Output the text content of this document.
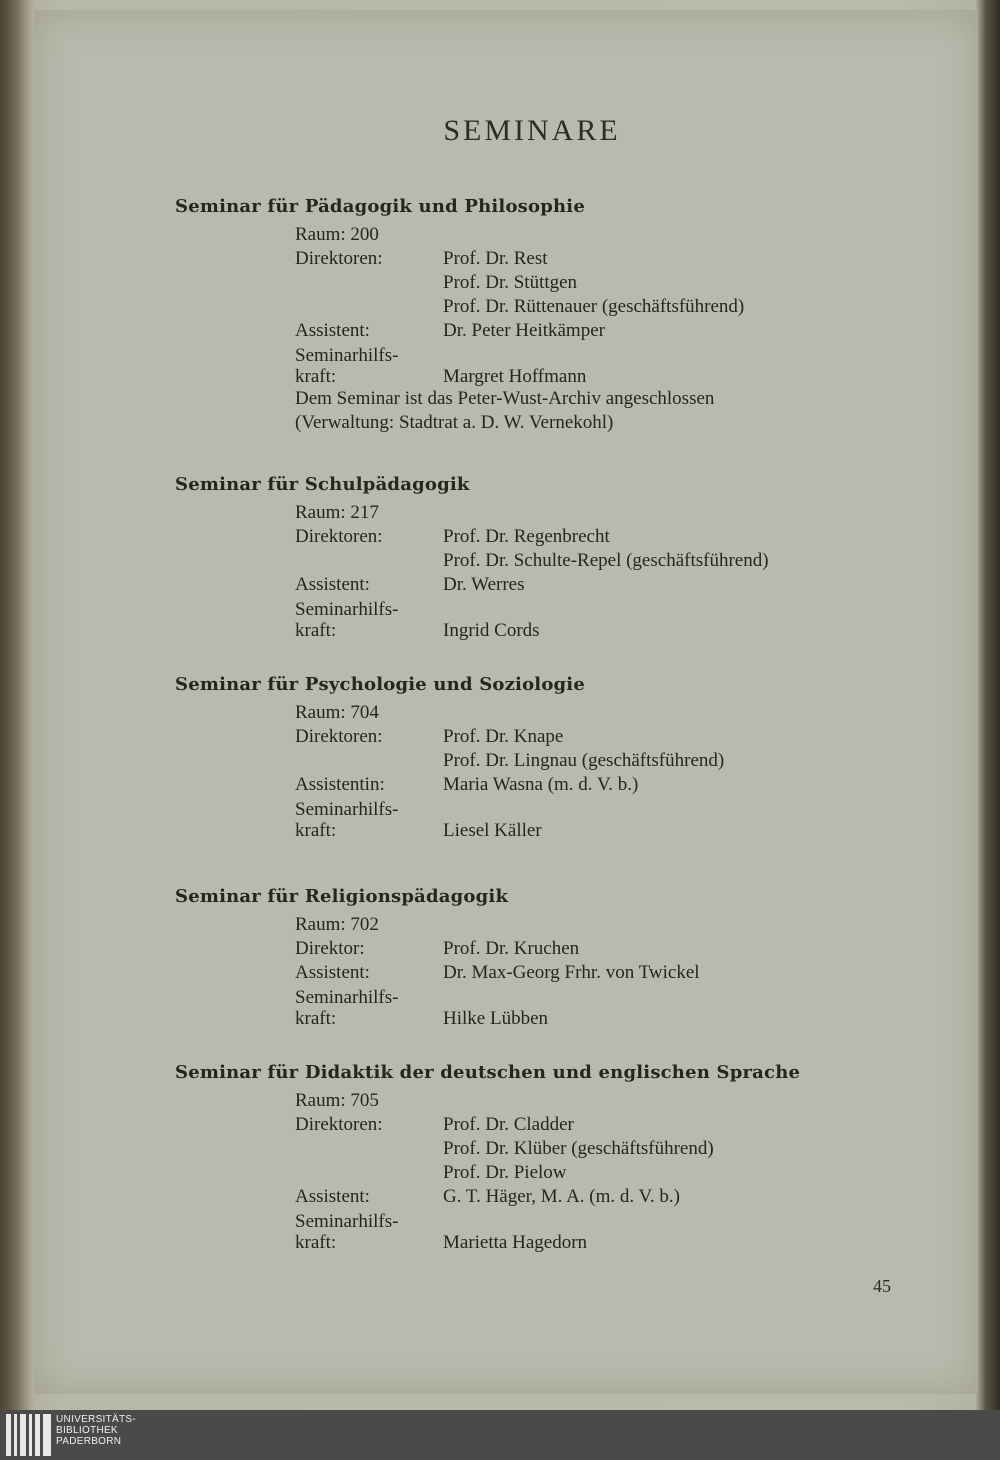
SEMINARE
Seminar für Pädagogik und Philosophie
Raum: 200
Direktoren:	Prof. Dr. Rest
Prof. Dr. Stüttgen
Prof. Dr. Rüttenauer (geschäftsführend)
Assistent:	Dr. Peter Heitkämper
Seminarhilfs-
kraft:	Margret Hoffmann
Dem Seminar ist das Peter-Wust-Archiv angeschlossen
(Verwaltung: Stadtrat a. D. W. Vernekohl)
Seminar für Schulpädagogik
Raum: 217
Direktoren:	Prof. Dr. Regenbrecht
Prof. Dr. Schulte-Repel (geschäftsführend)
Assistent:	Dr. Werres
Seminarhilfs-
kraft:	Ingrid Cords
Seminar für Psychologie und Soziologie
Raum: 704
Direktoren:	Prof. Dr. Knape
Prof. Dr. Lingnau (geschäftsführend)
Assistentin:	Maria Wasna (m. d. V. b.)
Seminarhilfs-
kraft:	Liesel Käller
Seminar für Religionspädagogik
Raum: 702
Direktor:	Prof. Dr. Kruchen
Assistent:	Dr. Max-Georg Frhr. von Twickel
Seminarhilfs-
kraft:	Hilke Lübben
Seminar für Didaktik der deutschen und englischen Sprache
Raum: 705
Direktoren:	Prof. Dr. Cladder
Prof. Dr. Klüber (geschäftsführend)
Prof. Dr. Pielow
Assistent:	G. T. Häger, M. A. (m. d. V. b.)
Seminarhilfs-
kraft:	Marietta Hagedorn
45
UNIVERSITÄTS-
BIBLIOTHEK
PADERBORN
